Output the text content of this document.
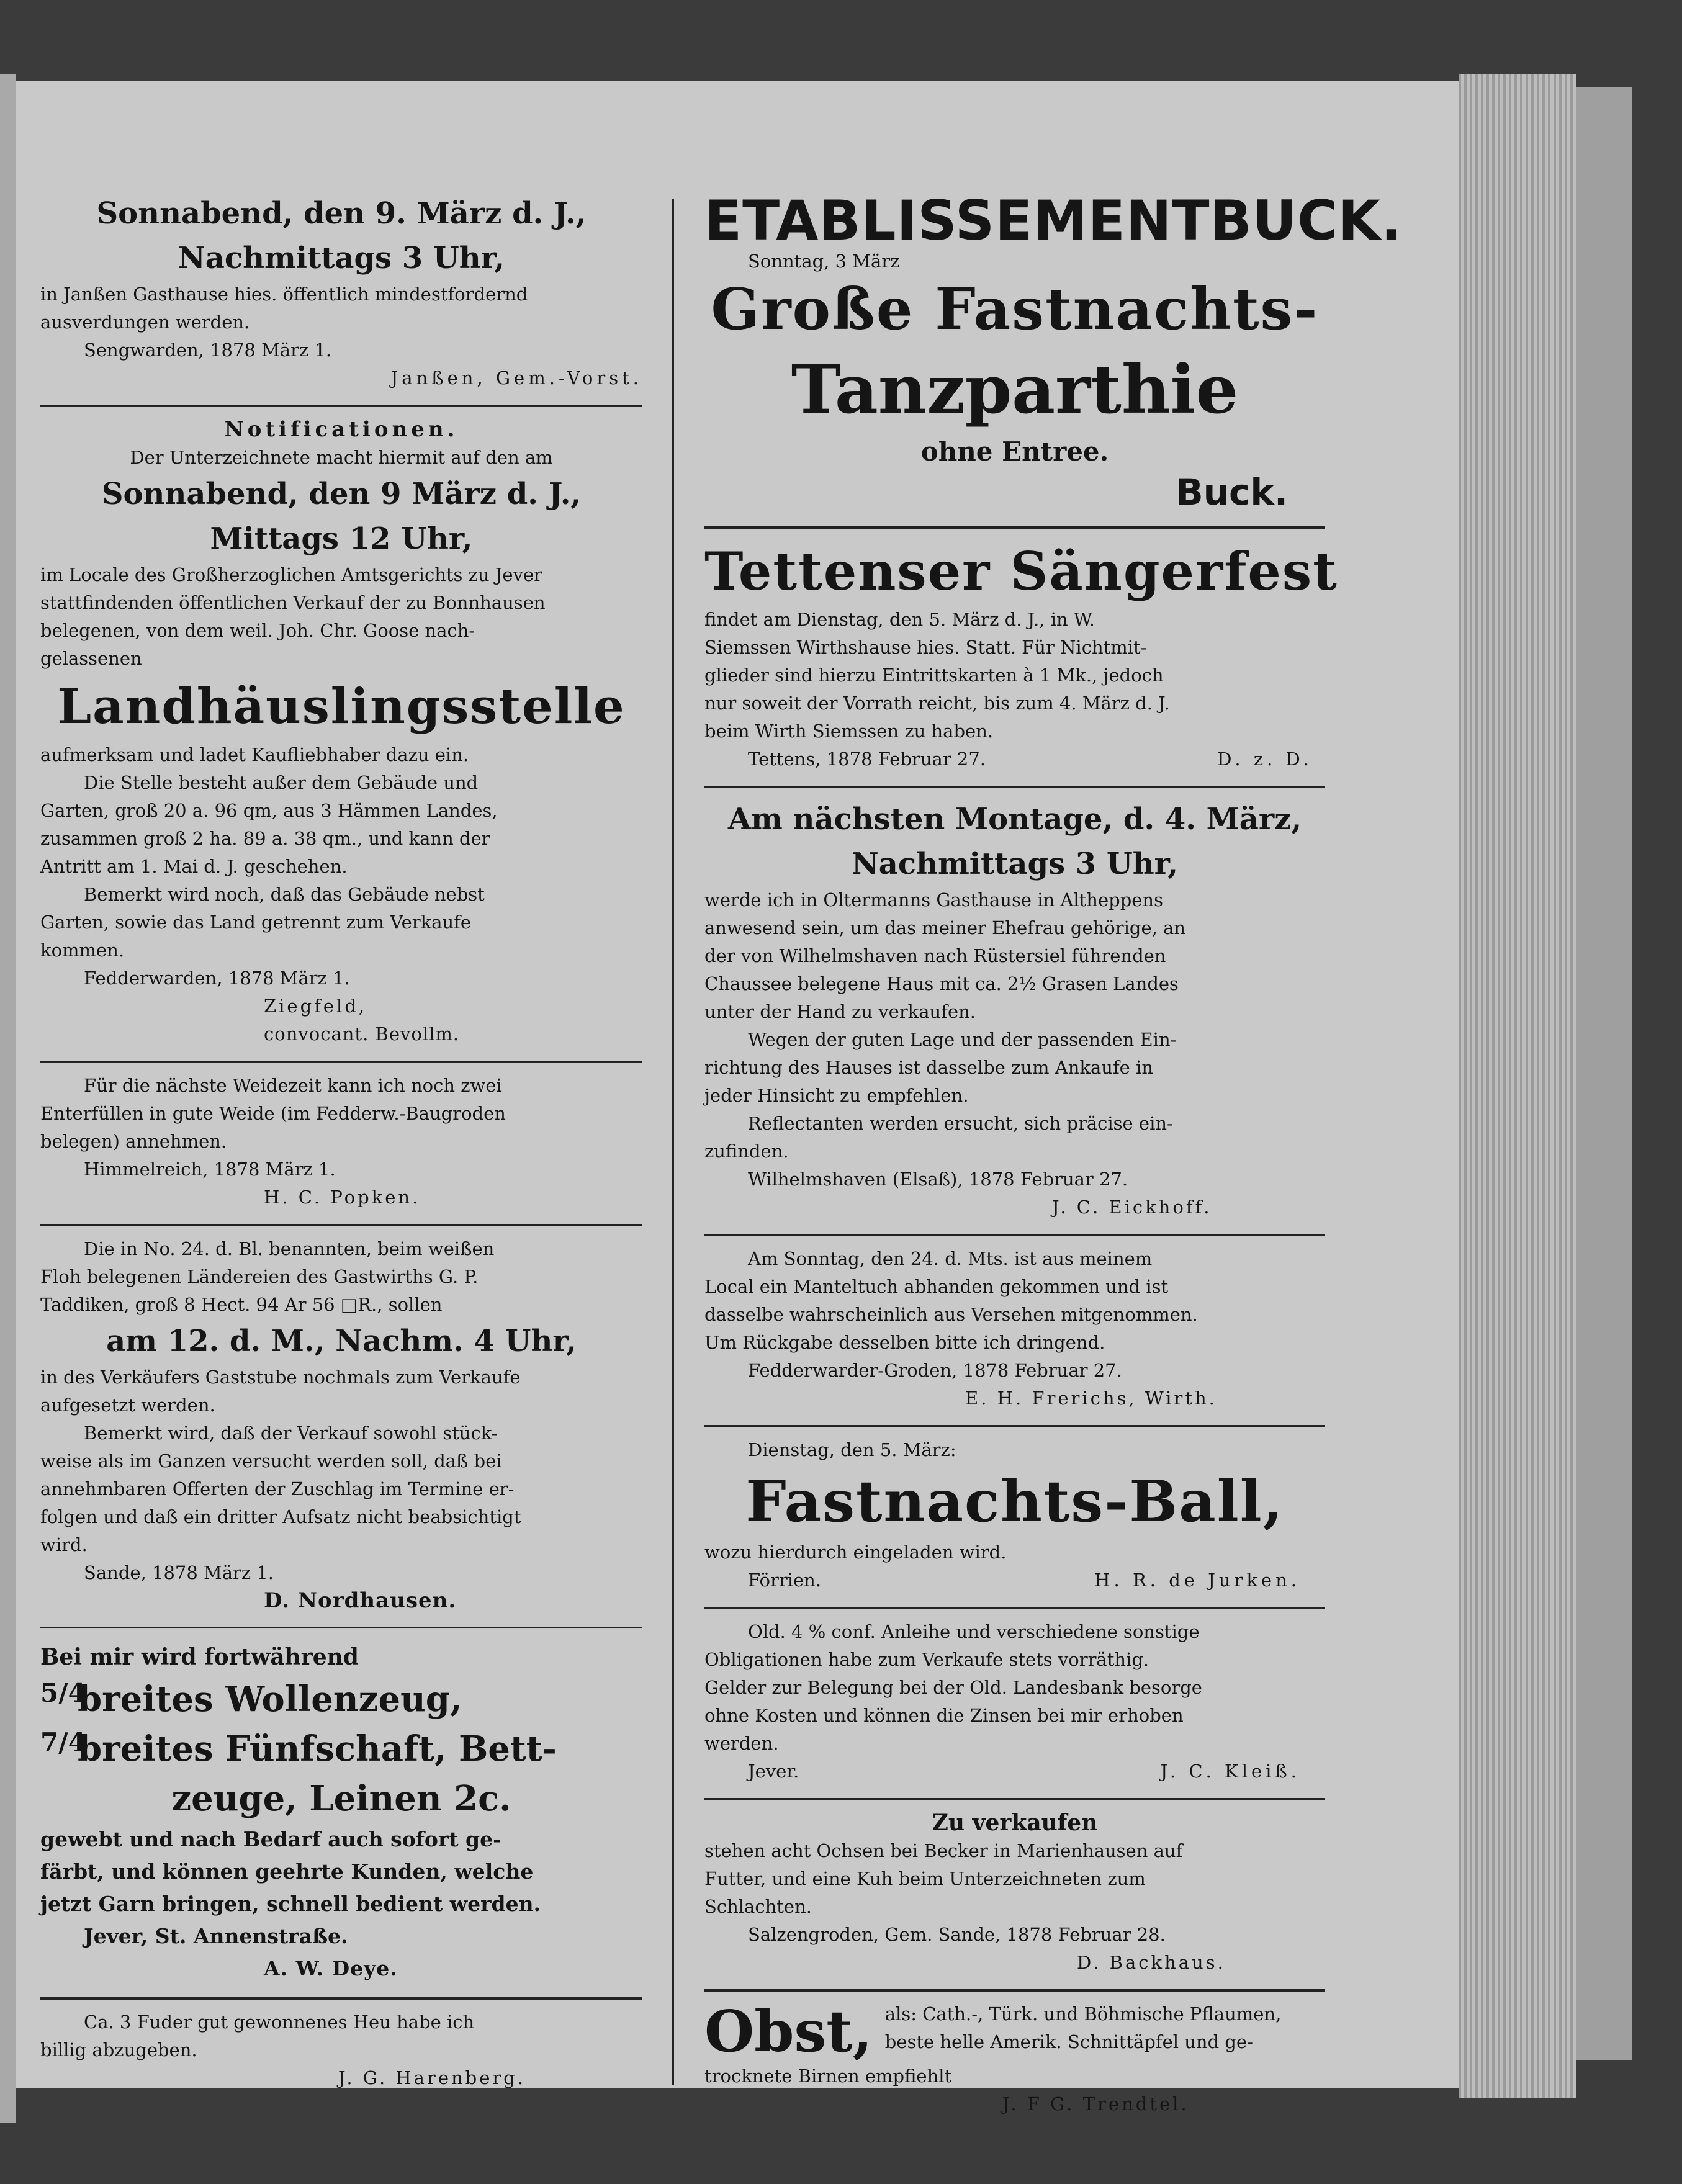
Sonnabend, den 9. März d. J.,
Nachmittags 3 Uhr,
in Janßen Gasthause hies. öffentlich mindestfordernd
ausverdungen werden.
Sengwarden, 1878 März 1.
Janßen, Gem.-Vorst.
Notificationen.
Der Unterzeichnete macht hiermit auf den am
Sonnabend, den 9 März d. J.,
Mittags 12 Uhr,
im Locale des Großherzoglichen Amtsgerichts zu Jever
stattfindenden öffentlichen Verkauf der zu Bonnhausen
belegenen, von dem weil. Joh. Chr. Goose nach-
gelassenen
Landhäuslingsstelle
aufmerksam und ladet Kaufliebhaber dazu ein.
Die Stelle besteht außer dem Gebäude und
Garten, groß 20 a. 96 qm, aus 3 Hämmen Landes,
zusammen groß 2 ha. 89 a. 38 qm., und kann der
Antritt am 1. Mai d. J. geschehen.
Bemerkt wird noch, daß das Gebäude nebst
Garten, sowie das Land getrennt zum Verkaufe
kommen.
Fedderwarden, 1878 März 1.
Ziegfeld,
convocant. Bevollm.
Für die nächste Weidezeit kann ich noch zwei
Enterfüllen in gute Weide (im Fedderw.-Baugroden
belegen) annehmen.
Himmelreich, 1878 März 1.
H. C. Popken.
Die in No. 24. d. Bl. benannten, beim weißen
Floh belegenen Ländereien des Gastwirths G. P.
Taddiken, groß 8 Hect. 94 Ar 56 □R., sollen
am 12. d. M., Nachm. 4 Uhr,
in des Verkäufers Gaststube nochmals zum Verkaufe
aufgesetzt werden.
Bemerkt wird, daß der Verkauf sowohl stück-
weise als im Ganzen versucht werden soll, daß bei
annehmbaren Offerten der Zuschlag im Termine er-
folgen und daß ein dritter Aufsatz nicht beabsichtigt
wird.
Sande, 1878 März 1.
D. Nordhausen.
Bei mir wird fortwährend
5/4
breites Wollenzeug,
7/4
breites Fünfschaft, Bett-
zeuge, Leinen 2c.
gewebt und nach Bedarf auch sofort ge-
färbt, und können geehrte Kunden, welche
jetzt Garn bringen, schnell bedient werden.
Jever, St. Annenstraße.
A. W. Deye.
Ca. 3 Fuder gut gewonnenes Heu habe ich
billig abzugeben.
J. G. Harenberg.
ETABLISSEMENTBUCK.
Sonntag, 3 März
Große Fastnachts-
Tanzparthie
ohne Entree.
Buck.
Tettenser Sängerfest
findet am Dienstag, den 5. März d. J., in W.
Siemssen Wirthshause hies. Statt. Für Nichtmit-
glieder sind hierzu Eintrittskarten à 1 Mk., jedoch
nur soweit der Vorrath reicht, bis zum 4. März d. J.
beim Wirth Siemssen zu haben.
Tettens, 1878 Februar 27.	D. z. D.
Am nächsten Montage, d. 4. März,
Nachmittags 3 Uhr,
werde ich in Oltermanns Gasthause in Altheppens
anwesend sein, um das meiner Ehefrau gehörige, an
der von Wilhelmshaven nach Rüstersiel führenden
Chaussee belegene Haus mit ca. 2½ Grasen Landes
unter der Hand zu verkaufen.
Wegen der guten Lage und der passenden Ein-
richtung des Hauses ist dasselbe zum Ankaufe in
jeder Hinsicht zu empfehlen.
Reflectanten werden ersucht, sich präcise ein-
zufinden.
Wilhelmshaven (Elsaß), 1878 Februar 27.
J. C. Eickhoff.
Am Sonntag, den 24. d. Mts. ist aus meinem
Local ein Manteltuch abhanden gekommen und ist
dasselbe wahrscheinlich aus Versehen mitgenommen.
Um Rückgabe desselben bitte ich dringend.
Fedderwarder-Groden, 1878 Februar 27.
E. H. Frerichs, Wirth.
Dienstag, den 5. März:
Fastnachts-Ball,
wozu hierdurch eingeladen wird.
Förrien.	H. R. de Jurken.
Old. 4 % conf. Anleihe und verschiedene sonstige
Obligationen habe zum Verkaufe stets vorräthig.
Gelder zur Belegung bei der Old. Landesbank besorge
ohne Kosten und können die Zinsen bei mir erhoben
werden.
Jever.	J. C. Kleiß.
Zu verkaufen
stehen acht Ochsen bei Becker in Marienhausen auf
Futter, und eine Kuh beim Unterzeichneten zum
Schlachten.
Salzengroden, Gem. Sande, 1878 Februar 28.
D. Backhaus.
Obst, als: Cath.-, Türk. und Böhmische Pflaumen,
beste helle Amerik. Schnittäpfel und ge-
trocknete Birnen empfiehlt
J. F G. Trendtel.
